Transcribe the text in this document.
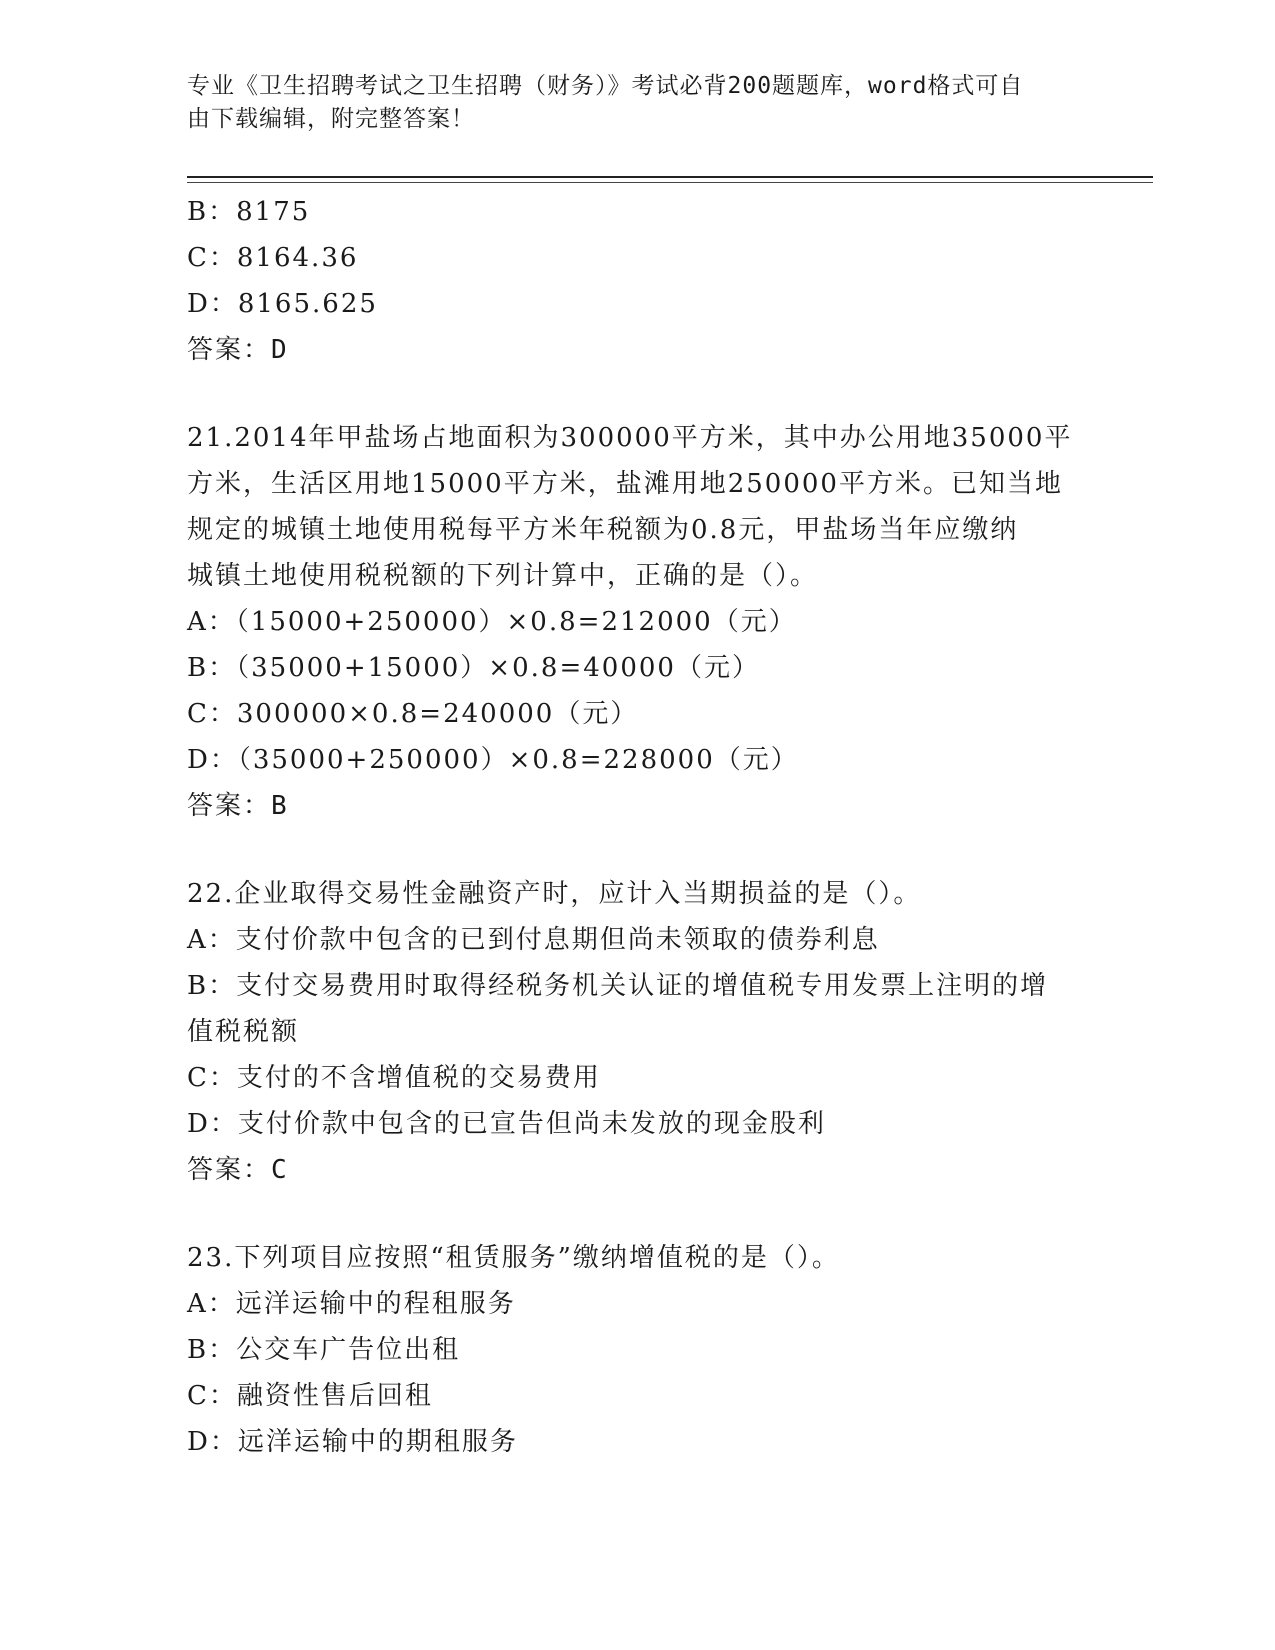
专业《卫生招聘考试之卫生招聘（财务）》考试必背200题题库，word格式可自
由下载编辑，附完整答案！
B：8175
C：8164.36
D：8165.625
答案：D
21.2014年甲盐场占地面积为300000平方米，其中办公用地35000平
方米，生活区用地15000平方米，盐滩用地250000平方米。已知当地
规定的城镇土地使用税每平方米年税额为0.8元，甲盐场当年应缴纳
城镇土地使用税税额的下列计算中，正确的是（）。
A：（15000+250000）×0.8=212000（元）
B：（35000+15000）×0.8=40000（元）
C：300000×0.8=240000（元）
D：（35000+250000）×0.8=228000（元）
答案：B
22.企业取得交易性金融资产时，应计入当期损益的是（）。
A：支付价款中包含的已到付息期但尚未领取的债券利息
B：支付交易费用时取得经税务机关认证的增值税专用发票上注明的增
值税税额
C：支付的不含增值税的交易费用
D：支付价款中包含的已宣告但尚未发放的现金股利
答案：C
23.下列项目应按照“租赁服务”缴纳增值税的是（）。
A：远洋运输中的程租服务
B：公交车广告位出租
C：融资性售后回租
D：远洋运输中的期租服务
